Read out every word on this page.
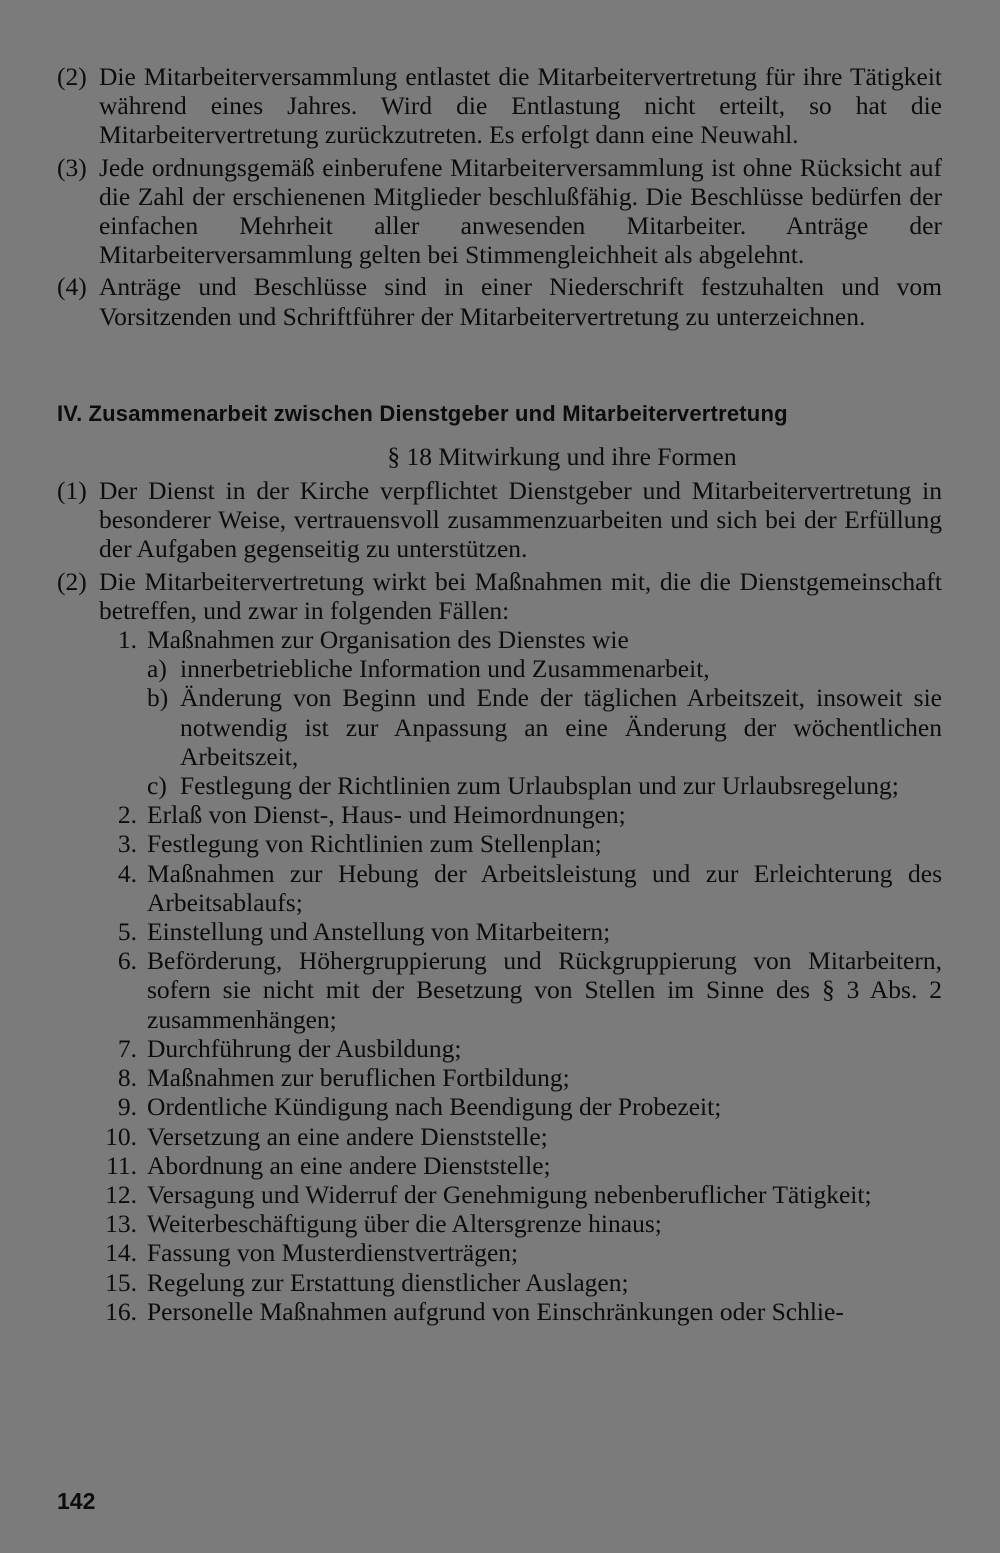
(2) Die Mitarbeiterversammlung entlastet die Mitarbeitervertretung für ihre Tätigkeit während eines Jahres. Wird die Entlastung nicht erteilt, so hat die Mitarbeitervertretung zurückzutreten. Es erfolgt dann eine Neuwahl.
(3) Jede ordnungsgemäß einberufene Mitarbeiterversammlung ist ohne Rücksicht auf die Zahl der erschienenen Mitglieder beschlußfähig. Die Beschlüsse bedürfen der einfachen Mehrheit aller anwesenden Mitarbeiter. Anträge der Mitarbeiterversammlung gelten bei Stimmengleichheit als abgelehnt.
(4) Anträge und Beschlüsse sind in einer Niederschrift festzuhalten und vom Vorsitzenden und Schriftführer der Mitarbeitervertretung zu unterzeichnen.
IV. Zusammenarbeit zwischen Dienstgeber und Mitarbeitervertretung
§ 18 Mitwirkung und ihre Formen
(1) Der Dienst in der Kirche verpflichtet Dienstgeber und Mitarbeitervertretung in besonderer Weise, vertrauensvoll zusammenzuarbeiten und sich bei der Erfüllung der Aufgaben gegenseitig zu unterstützen.
(2) Die Mitarbeitervertretung wirkt bei Maßnahmen mit, die die Dienstgemeinschaft betreffen, und zwar in folgenden Fällen:
1. Maßnahmen zur Organisation des Dienstes wie
a) innerbetriebliche Information und Zusammenarbeit,
b) Änderung von Beginn und Ende der täglichen Arbeitszeit, insoweit sie notwendig ist zur Anpassung an eine Änderung der wöchentlichen Arbeitszeit,
c) Festlegung der Richtlinien zum Urlaubsplan und zur Urlaubsregelung;
2. Erlaß von Dienst-, Haus- und Heimordnungen;
3. Festlegung von Richtlinien zum Stellenplan;
4. Maßnahmen zur Hebung der Arbeitsleistung und zur Erleichterung des Arbeitsablaufs;
5. Einstellung und Anstellung von Mitarbeitern;
6. Beförderung, Höhergruppierung und Rückgruppierung von Mitarbeitern, sofern sie nicht mit der Besetzung von Stellen im Sinne des § 3 Abs. 2 zusammenhängen;
7. Durchführung der Ausbildung;
8. Maßnahmen zur beruflichen Fortbildung;
9. Ordentliche Kündigung nach Beendigung der Probezeit;
10. Versetzung an eine andere Dienststelle;
11. Abordnung an eine andere Dienststelle;
12. Versagung und Widerruf der Genehmigung nebenberuflicher Tätigkeit;
13. Weiterbeschäftigung über die Altersgrenze hinaus;
14. Fassung von Musterdienstverträgen;
15. Regelung zur Erstattung dienstlicher Auslagen;
16. Personelle Maßnahmen aufgrund von Einschränkungen oder Schlie-
142
